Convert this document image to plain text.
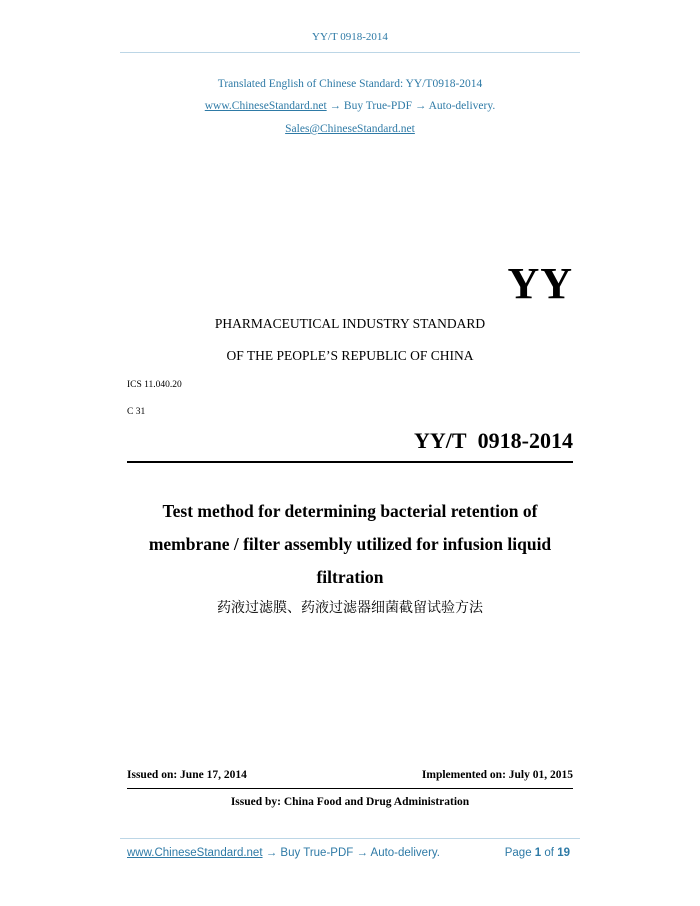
YY/T 0918-2014
Translated English of Chinese Standard: YY/T0918-2014
www.ChineseStandard.net → Buy True-PDF → Auto-delivery.
Sales@ChineseStandard.net
YY
PHARMACEUTICAL INDUSTRY STANDARD
OF THE PEOPLE’S REPUBLIC OF CHINA
ICS 11.040.20
C 31
YY/T 0918-2014
Test method for determining bacterial retention of
membrane / filter assembly utilized for infusion liquid
filtration
药液过滤膜、药液过滤器细菌截留试验方法
Issued on: June 17, 2014	Implemented on: July 01, 2015
Issued by: China Food and Drug Administration
www.ChineseStandard.net → Buy True-PDF → Auto-delivery.	Page 1 of 19
